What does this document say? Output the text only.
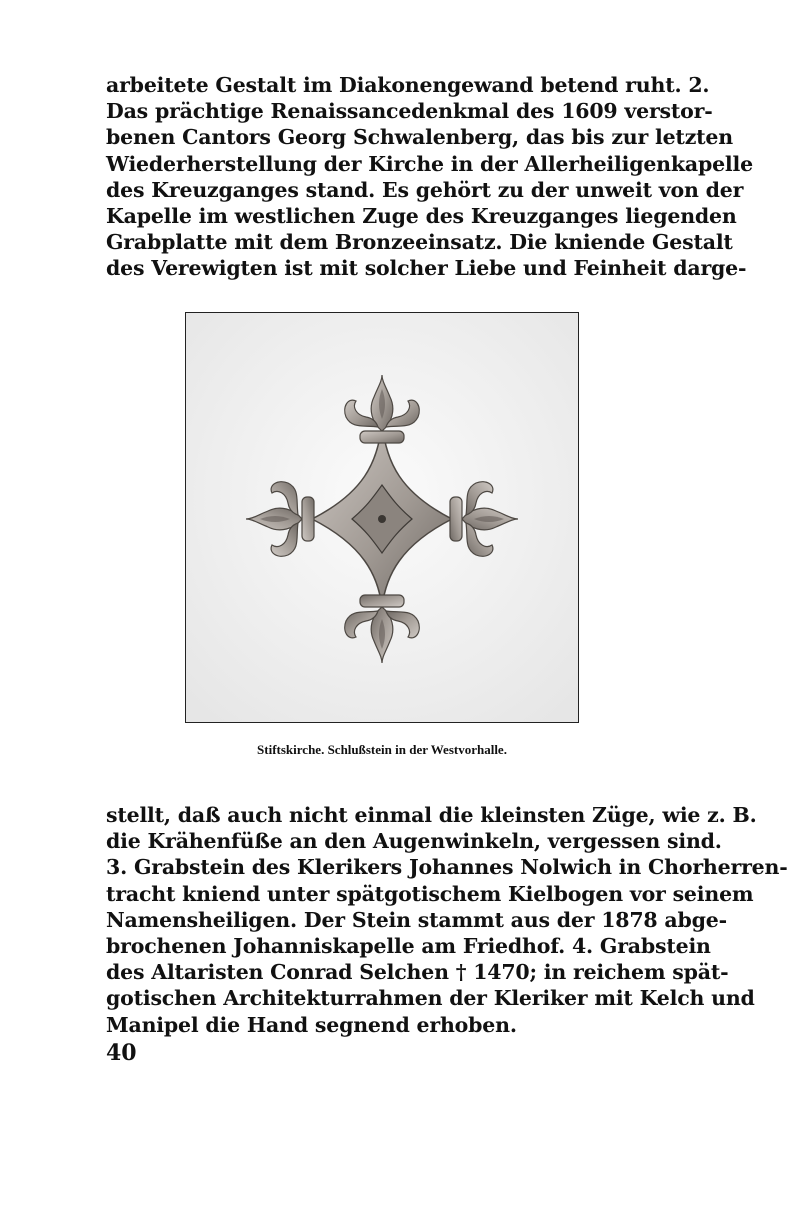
arbeitete Gestalt im Diakonengewand betend ruht. 2.
Das prächtige Renaissancedenkmal des 1609 verstor-
benen Cantors Georg Schwalenberg, das bis zur letzten
Wiederherstellung der Kirche in der Allerheiligenkapelle
des Kreuzganges stand. Es gehört zu der unweit von der
Kapelle im westlichen Zuge des Kreuzganges liegenden
Grabplatte mit dem Bronzeeinsatz. Die kniende Gestalt
des Verewigten ist mit solcher Liebe und Feinheit darge-
Stiftskirche. Schlußstein in der Westvorhalle.
stellt, daß auch nicht einmal die kleinsten Züge, wie z. B.
die Krähenfüße an den Augenwinkeln, vergessen sind.
3. Grabstein des Klerikers Johannes Nolwich in Chorherren-
tracht kniend unter spätgotischem Kielbogen vor seinem
Namensheiligen. Der Stein stammt aus der 1878 abge-
brochenen Johanniskapelle am Friedhof. 4. Grabstein
des Altaristen Conrad Selchen † 1470; in reichem spät-
gotischen Architekturrahmen der Kleriker mit Kelch und
Manipel die Hand segnend erhoben.
40
